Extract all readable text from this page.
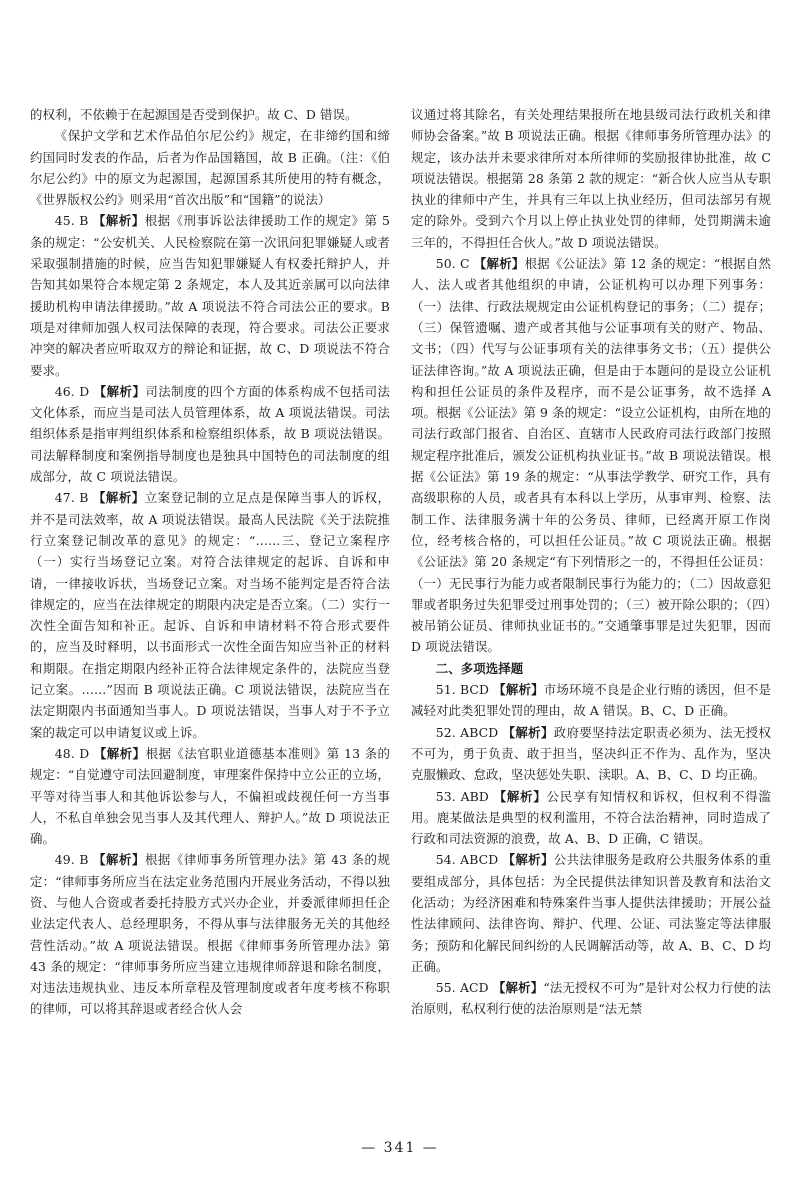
的权利，不依赖于在起源国是否受到保护。故 C、D 错误。

《保护文学和艺术作品伯尔尼公约》规定，在非缔约国和缔约国同时发表的作品，后者为作品国籍国，故 B 正确。（注：《伯尔尼公约》中的原文为起源国，起源国系其所使用的特有概念，《世界版权公约》则采用“首次出版”和“国籍”的说法）

45. B 【解析】根据《刑事诉讼法律援助工作的规定》第 5 条的规定：“公安机关、人民检察院在第一次讯问犯罪嫌疑人或者采取强制措施的时候，应当告知犯罪嫌疑人有权委托辩护人，并告知其如果符合本规定第 2 条规定，本人及其近亲属可以向法律援助机构申请法律援助。”故 A 项说法不符合司法公正的要求。B 项是对律师加强人权司法保障的表现，符合要求。司法公正要求冲突的解决者应听取双方的辩论和证据，故 C、D 项说法不符合要求。

46. D 【解析】司法制度的四个方面的体系构成不包括司法文化体系，而应当是司法人员管理体系，故 A 项说法错误。司法组织体系是指审判组织体系和检察组织体系，故 B 项说法错误。司法解释制度和案例指导制度也是独具中国特色的司法制度的组成部分，故 C 项说法错误。

47. B 【解析】立案登记制的立足点是保障当事人的诉权，并不是司法效率，故 A 项说法错误。最高人民法院《关于法院推行立案登记制改革的意见》的规定：“……三、登记立案程序（一）实行当场登记立案。对符合法律规定的起诉、自诉和申请，一律接收诉状，当场登记立案。对当场不能判定是否符合法律规定的，应当在法律规定的期限内决定是否立案。（二）实行一次性全面告知和补正。起诉、自诉和申请材料不符合形式要件的，应当及时释明，以书面形式一次性全面告知应当补正的材料和期限。在指定期限内经补正符合法律规定条件的，法院应当登记立案。……”因而 B 项说法正确。C 项说法错误，法院应当在法定期限内书面通知当事人。D 项说法错误，当事人对于不予立案的裁定可以申请复议或上诉。

48. D 【解析】根据《法官职业道德基本准则》第 13 条的规定：“自觉遵守司法回避制度，审理案件保持中立公正的立场，平等对待当事人和其他诉讼参与人，不偏袒或歧视任何一方当事人，不私自单独会见当事人及其代理人、辩护人。”故 D 项说法正确。

49. B 【解析】根据《律师事务所管理办法》第 43 条的规定：“律师事务所应当在法定业务范围内开展业务活动，不得以独资、与他人合资或者委托持股方式兴办企业，并委派律师担任企业法定代表人、总经理职务，不得从事与法律服务无关的其他经营性活动。”故 A 项说法错误。根据《律师事务所管理办法》第 43 条的规定：“律师事务所应当建立违规律师辞退和除名制度，对违法违规执业、违反本所章程及管理制度或者年度考核不称职的律师，可以将其辞退或者经合伙人会

议通过将其除名，有关处理结果报所在地县级司法行政机关和律师协会备案。”故 B 项说法正确。根据《律师事务所管理办法》的规定，该办法并未要求律所对本所律师的奖励报律协批准，故 C 项说法错误。根据第 28 条第 2 款的规定：“新合伙人应当从专职执业的律师中产生，并具有三年以上执业经历，但司法部另有规定的除外。受到六个月以上停止执业处罚的律师，处罚期满未逾三年的，不得担任合伙人。”故 D 项说法错误。

50. C 【解析】根据《公证法》第 12 条的规定：“根据自然人、法人或者其他组织的申请，公证机构可以办理下列事务：（一）法律、行政法规规定由公证机构登记的事务；（二）提存；（三）保管遗嘱、遗产或者其他与公证事项有关的财产、物品、文书；（四）代写与公证事项有关的法律事务文书；（五）提供公证法律咨询。”故 A 项说法正确，但是由于本题问的是设立公证机构和担任公证员的条件及程序，而不是公证事务，故不选择 A 项。根据《公证法》第 9 条的规定：“设立公证机构，由所在地的司法行政部门报省、自治区、直辖市人民政府司法行政部门按照规定程序批准后，颁发公证机构执业证书。”故 B 项说法错误。根据《公证法》第 19 条的规定：“从事法学教学、研究工作，具有高级职称的人员，或者具有本科以上学历，从事审判、检察、法制工作、法律服务满十年的公务员、律师，已经离开原工作岗位，经考核合格的，可以担任公证员。”故 C 项说法正确。根据《公证法》第 20 条规定“有下列情形之一的，不得担任公证员：（一）无民事行为能力或者限制民事行为能力的；（二）因故意犯罪或者职务过失犯罪受过刑事处罚的；（三）被开除公职的；（四）被吊销公证员、律师执业证书的。”交通肇事罪是过失犯罪，因而 D 项说法错误。

二、多项选择题

51. BCD 【解析】市场环境不良是企业行贿的诱因，但不是减轻对此类犯罪处罚的理由，故 A 错误。B、C、D 正确。

52. ABCD 【解析】政府要坚持法定职责必须为、法无授权不可为，勇于负责、敢于担当，坚决纠正不作为、乱作为，坚决克服懒政、怠政，坚决惩处失职、渎职。A、B、C、D 均正确。

53. ABD 【解析】公民享有知情权和诉权，但权利不得滥用。鹿某做法是典型的权利滥用，不符合法治精神，同时造成了行政和司法资源的浪费，故 A、B、D 正确，C 错误。

54. ABCD 【解析】公共法律服务是政府公共服务体系的重要组成部分，具体包括：为全民提供法律知识普及教育和法治文化活动；为经济困难和特殊案件当事人提供法律援助；开展公益性法律顾问、法律咨询、辩护、代理、公证、司法鉴定等法律服务；预防和化解民间纠纷的人民调解活动等，故 A、B、C、D 均正确。

55. ACD 【解析】“法无授权不可为”是针对公权力行使的法治原则，私权利行使的法治原则是“法无禁

— 341 —
